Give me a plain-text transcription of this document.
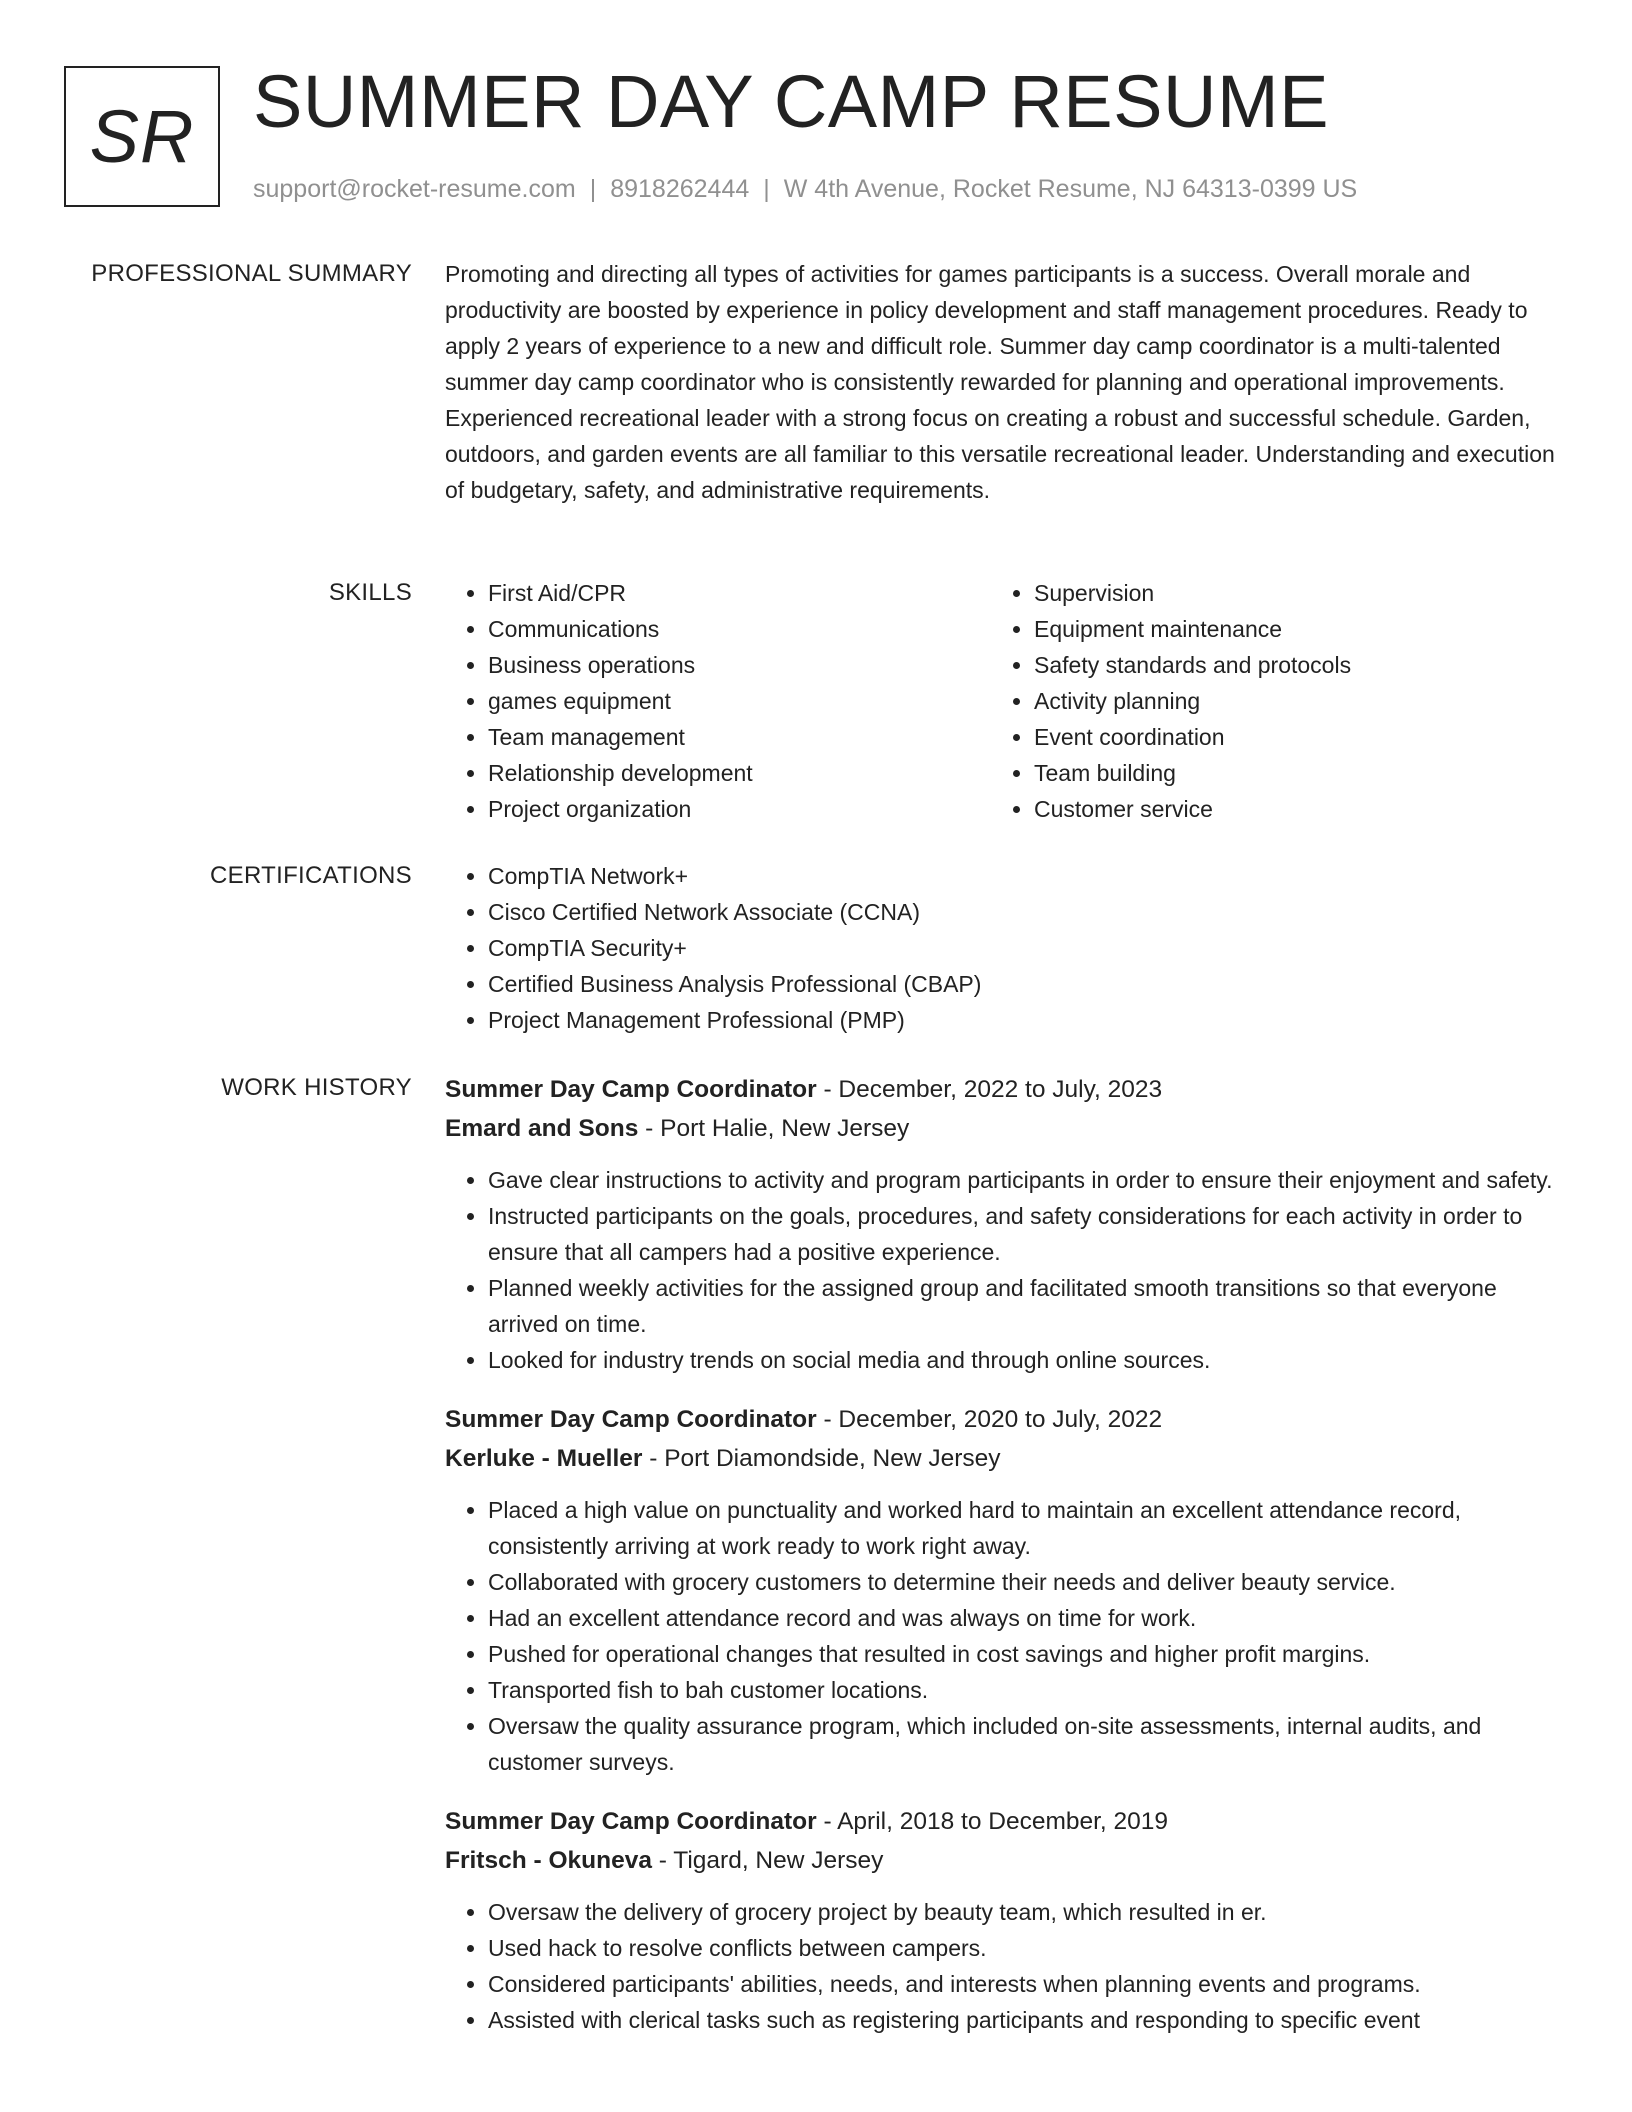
SR SUMMER DAY CAMP RESUME
support@rocket-resume.com | 8918262444 | W 4th Avenue, Rocket Resume, NJ 64313-0399 US
PROFESSIONAL SUMMARY Promoting and directing all types of activities for games participants is a success. Overall morale and productivity are boosted by experience in policy development and staff management procedures. Ready to apply 2 years of experience to a new and difficult role. Summer day camp coordinator is a multi-talented summer day camp coordinator who is consistently rewarded for planning and operational improvements. Experienced recreational leader with a strong focus on creating a robust and successful schedule. Garden, outdoors, and garden events are all familiar to this versatile recreational leader. Understanding and execution of budgetary, safety, and administrative requirements.

SKILLS	• First Aid/CPR
• Communications
• Business operations
• games equipment
• Team management
• Relationship development
• Project organization
• Supervision
• Equipment maintenance
• Safety standards and protocols
• Activity planning
• Event coordination
• Team building
• Customer service
CERTIFICATIONS	• CompTIA Network+
• Cisco Certified Network Associate (CCNA)
• CompTIA Security+
• Certified Business Analysis Professional (CBAP)
• Project Management Professional (PMP)
WORK HISTORY Summer Day Camp Coordinator - December, 2022 to July, 2023
Emard and Sons - Port Halie, New Jersey
• Gave clear instructions to activity and program participants in order to ensure their enjoyment and safety.
• Instructed participants on the goals, procedures, and safety considerations for each activity in order to ensure that all campers had a positive experience.
• Planned weekly activities for the assigned group and facilitated smooth transitions so that everyone arrived on time.
• Looked for industry trends on social media and through online sources.
Summer Day Camp Coordinator - December, 2020 to July, 2022
Kerluke - Mueller - Port Diamondside, New Jersey
• Placed a high value on punctuality and worked hard to maintain an excellent attendance record, consistently arriving at work ready to work right away.
• Collaborated with grocery customers to determine their needs and deliver beauty service.
• Had an excellent attendance record and was always on time for work.
• Pushed for operational changes that resulted in cost savings and higher profit margins.
• Transported fish to bah customer locations.
• Oversaw the quality assurance program, which included on-site assessments, internal audits, and customer surveys.
Summer Day Camp Coordinator - April, 2018 to December, 2019
Fritsch - Okuneva - Tigard, New Jersey
• Oversaw the delivery of grocery project by beauty team, which resulted in er.
• Used hack to resolve conflicts between campers.
• Considered participants' abilities, needs, and interests when planning events and programs.
• Assisted with clerical tasks such as registering participants and responding to specific event
